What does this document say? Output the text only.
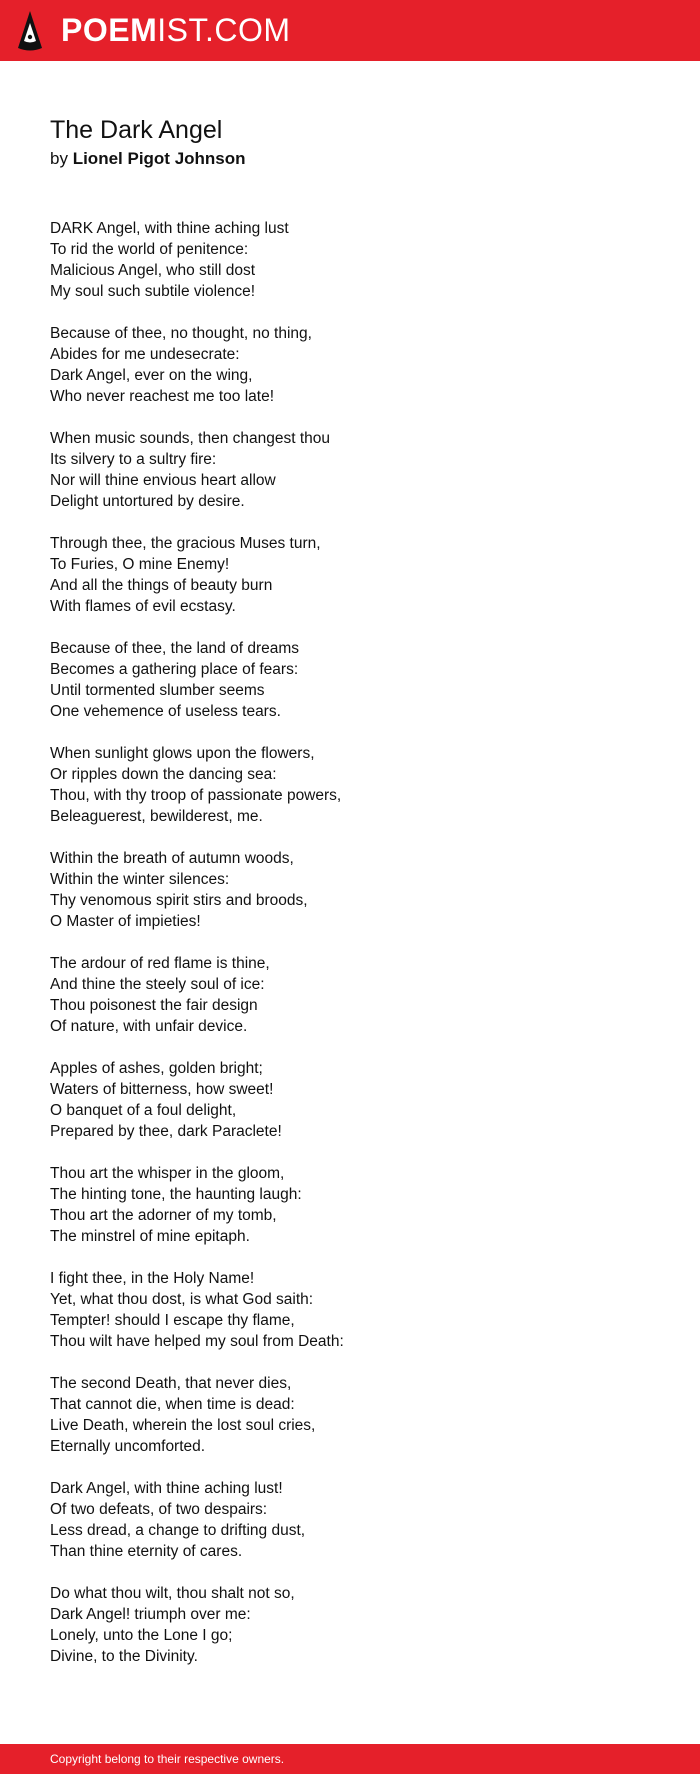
POEMIST.COM
The Dark Angel

by Lionel Pigot Johnson

DARK Angel, with thine aching lust
To rid the world of penitence:
Malicious Angel, who still dost
My soul such subtile violence!
Because of thee, no thought, no thing,
Abides for me undesecrate:
Dark Angel, ever on the wing,
Who never reachest me too late!
When music sounds, then changest thou
Its silvery to a sultry fire:
Nor will thine envious heart allow
Delight untortured by desire.
Through thee, the gracious Muses turn,
To Furies, O mine Enemy!
And all the things of beauty burn
With flames of evil ecstasy.
Because of thee, the land of dreams
Becomes a gathering place of fears:
Until tormented slumber seems
One vehemence of useless tears.
When sunlight glows upon the flowers,
Or ripples down the dancing sea:
Thou, with thy troop of passionate powers,
Beleaguerest, bewilderest, me.
Within the breath of autumn woods,
Within the winter silences:
Thy venomous spirit stirs and broods,
O Master of impieties!
The ardour of red flame is thine,
And thine the steely soul of ice:
Thou poisonest the fair design
Of nature, with unfair device.
Apples of ashes, golden bright;
Waters of bitterness, how sweet!
O banquet of a foul delight,
Prepared by thee, dark Paraclete!
Thou art the whisper in the gloom,
The hinting tone, the haunting laugh:
Thou art the adorner of my tomb,
The minstrel of mine epitaph.
I fight thee, in the Holy Name!
Yet, what thou dost, is what God saith:
Tempter! should I escape thy flame,
Thou wilt have helped my soul from Death:
The second Death, that never dies,
That cannot die, when time is dead:
Live Death, wherein the lost soul cries,
Eternally uncomforted.
Dark Angel, with thine aching lust!
Of two defeats, of two despairs:
Less dread, a change to drifting dust,
Than thine eternity of cares.
Do what thou wilt, thou shalt not so,
Dark Angel! triumph over me:
Lonely, unto the Lone I go;
Divine, to the Divinity.
Copyright belong to their respective owners.
